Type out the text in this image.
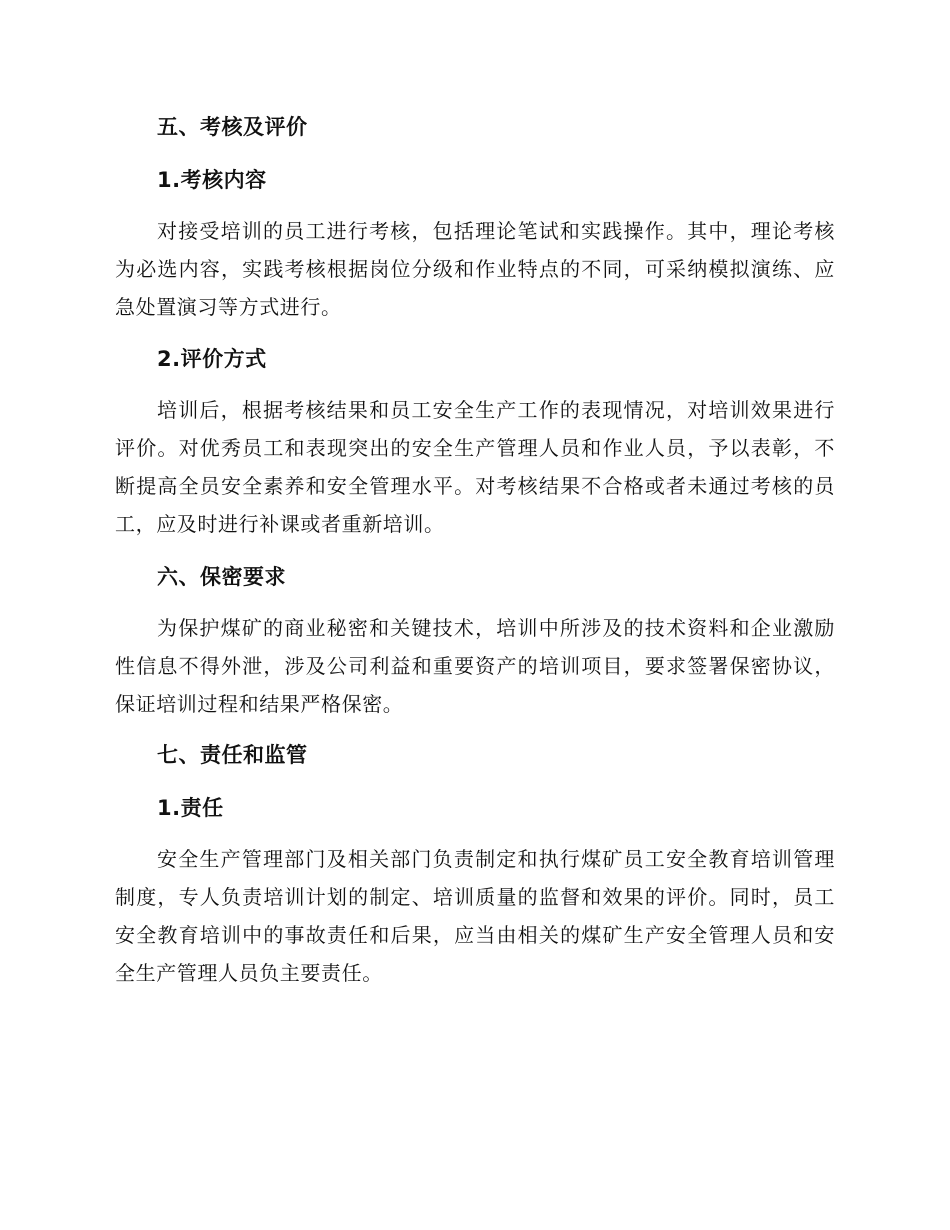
五、考核及评价
1.考核内容
对接受培训的员工进行考核，包括理论笔试和实践操作。其中，理论考核为必选内容，实践考核根据岗位分级和作业特点的不同，可采纳模拟演练、应急处置演习等方式进行。
2.评价方式
培训后，根据考核结果和员工安全生产工作的表现情况，对培训效果进行评价。对优秀员工和表现突出的安全生产管理人员和作业人员，予以表彰，不断提高全员安全素养和安全管理水平。对考核结果不合格或者未通过考核的员工，应及时进行补课或者重新培训。
六、保密要求
为保护煤矿的商业秘密和关键技术，培训中所涉及的技术资料和企业激励性信息不得外泄，涉及公司利益和重要资产的培训项目，要求签署保密协议，保证培训过程和结果严格保密。
七、责任和监管
1.责任
安全生产管理部门及相关部门负责制定和执行煤矿员工安全教育培训管理制度，专人负责培训计划的制定、培训质量的监督和效果的评价。同时，员工安全教育培训中的事故责任和后果，应当由相关的煤矿生产安全管理人员和安全生产管理人员负主要责任。
